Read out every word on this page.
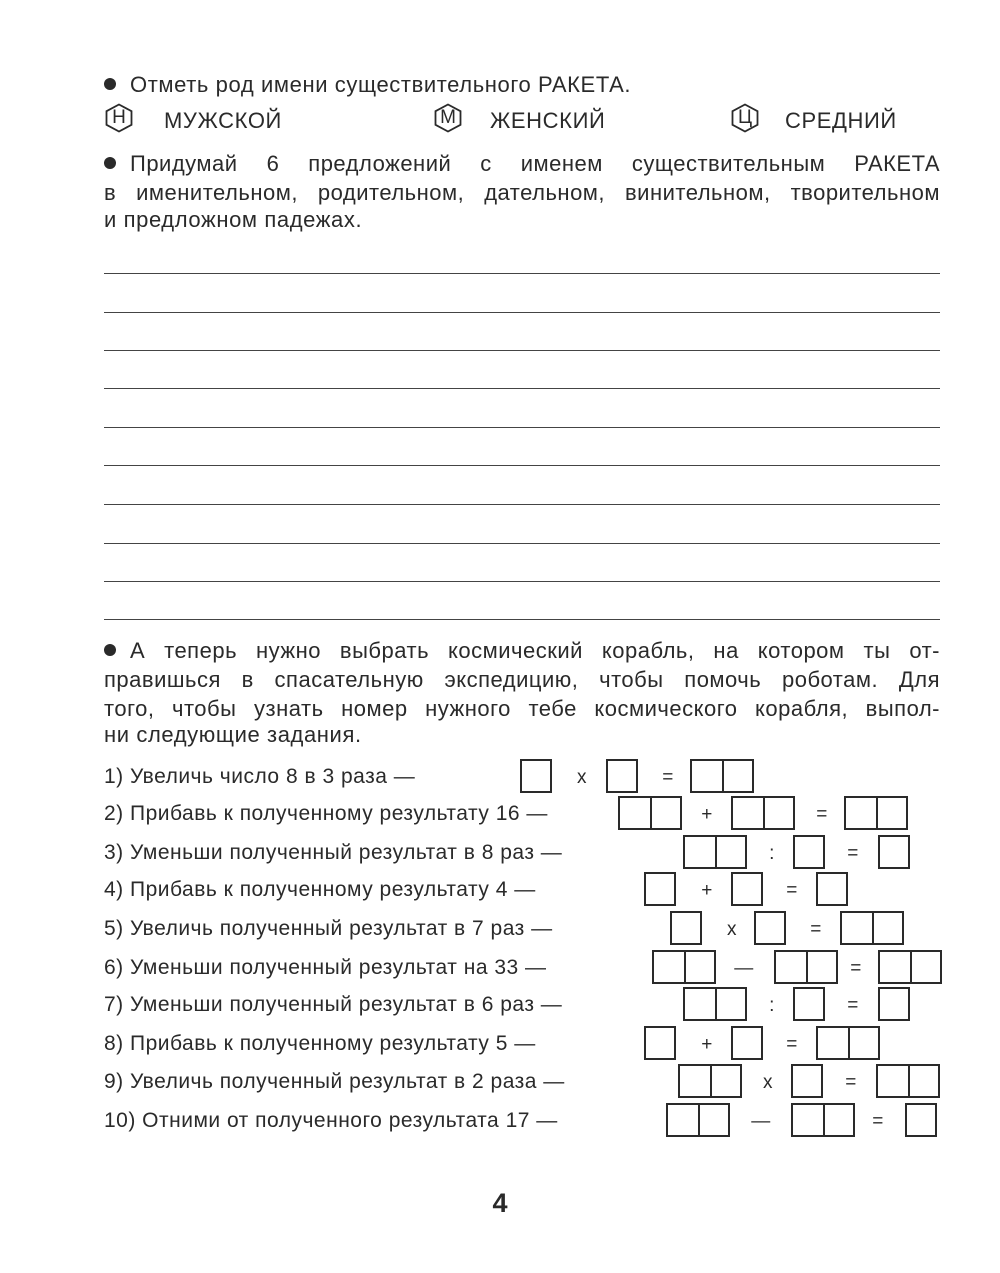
Отметь род имени существительного РАКЕТА.
Н	МУЖСКОЙ	М ЖЕНСКИЙ	Ц	СРЕДНИЙ
Придумай 6 предложений с именем существительным РАКЕТА
в именительном, родительном, дательном, винительном, творительном
и предложном падежах.
А теперь нужно выбрать космический корабль, на котором ты от-
правишься в спасательную экспедицию, чтобы помочь роботам. Для
того, чтобы узнать номер нужного тебе космического корабля, выпол-
ни следующие задания.
1) Увеличь число 8 в 3 раза —	x	=
2) Прибавь к полученному результату 16 —	+	=
3) Уменьши полученный результат в 8 раз —	:	=
4) Прибавь к полученному результату 4 —	+	=
5) Увеличь полученный результат в 7 раз —	x	=
6) Уменьши полученный результат на 33 —	—	=
7) Уменьши полученный результат в 6 раз —	:	=
8) Прибавь к полученному результату 5 —	+	=
9) Увеличь полученный результат в 2 раза —	x	=
10) Отними от полученного результата 17 —	—	=
4
